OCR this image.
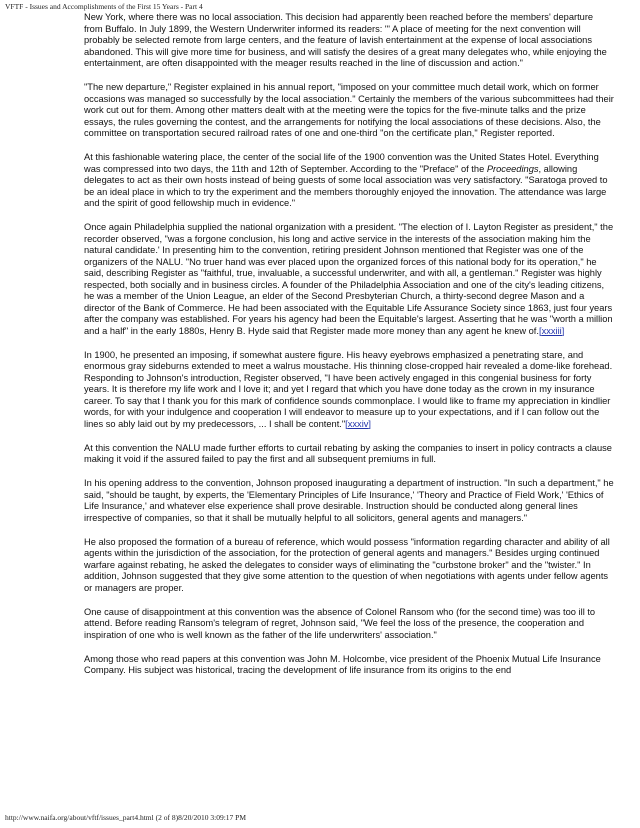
VFTF - Issues and Accomplishments of the First 15 Years - Part 4

New York, where there was no local association. This decision had apparently been reached before the members' departure from Buffalo. In July 1899, the Western Underwriter informed its readers: "' A place of meeting for the next convention will probably be selected remote from large centers, and the feature of lavish entertainment at the expense of local associations abandoned. This will give more time for business, and will satisfy the desires of a great many delegates who, while enjoying the entertainment, are often disappointed with the meager results reached in the line of discussion and action."

"The new departure," Register explained in his annual report, "imposed on your committee much detail work, which on former occasions was managed so successfully by the local association." Certainly the members of the various subcommittees had their work cut out for them. Among other matters dealt with at the meeting were the topics for the five-minute talks and the prize essays, the rules governing the contest, and the arrangements for notifying the local associations of these decisions. Also, the committee on transportation secured railroad rates of one and one-third "on the certificate plan," Register reported.

At this fashionable watering place, the center of the social life of the 1900 convention was the United States Hotel. Everything was compressed into two days, the 11th and 12th of September. According to the "Preface" of the Proceedings, allowing delegates to act as their own hosts instead of being guests of some local association was very satisfactory. "Saratoga proved to be an ideal place in which to try the experiment and the members thoroughly enjoyed the innovation. The attendance was large and the spirit of good fellowship much in evidence."

Once again Philadelphia supplied the national organization with a president. "The election of I. Layton Register as president," the recorder observed, "was a forgone conclusion, his long and active service in the interests of the association making him the natural candidate.' In presenting him to the convention, retiring president Johnson mentioned that Register was one of the organizers of the NALU. "No truer hand was ever placed upon the organized forces of this national body for its operation," he said, describing Register as "faithful, true, invaluable, a successful underwriter, and with all, a gentleman." Register was highly respected, both socially and in business circles. A founder of the Philadelphia Association and one of the city's leading citizens, he was a member of the Union League, an elder of the Second Presbyterian Church, a thirty-second degree Mason and a director of the Bank of Commerce. He had been associated with the Equitable Life Assurance Society since 1863, just four years after the company was established. For years his agency had been the Equitable's largest. Asserting that he was "worth a million and a half" in the early 1880s, Henry B. Hyde said that Register made more money than any agent he knew of.[xxxiii]

In 1900, he presented an imposing, if somewhat austere figure. His heavy eyebrows emphasized a penetrating stare, and enormous gray sideburns extended to meet a walrus moustache. His thinning close-cropped hair revealed a dome-like forehead. Responding to Johnson's introduction, Register observed, "I have been actively engaged in this congenial business for forty years. It is therefore my life work and I love it; and yet I regard that which you have done today as the crown in my insurance career. To say that I thank you for this mark of confidence sounds commonplace. I would like to frame my appreciation in kindlier words, for with your indulgence and cooperation I will endeavor to measure up to your expectations, and if I can follow out the lines so ably laid out by my predecessors, ... I shall be content."[xxxiv]

At this convention the NALU made further efforts to curtail rebating by asking the companies to insert in policy contracts a clause making it void if the assured failed to pay the first and all subsequent premiums in full.

In his opening address to the convention, Johnson proposed inaugurating a department of instruction. "In such a department," he said, "should be taught, by experts, the 'Elementary Principles of Life Insurance,' 'Theory and Practice of Field Work,' 'Ethics of Life Insurance,' and whatever else experience shall prove desirable. Instruction should be conducted along general lines irrespective of companies, so that it shall be mutually helpful to all solicitors, general agents and managers."

He also proposed the formation of a bureau of reference, which would possess "information regarding character and ability of all agents within the jurisdiction of the association, for the protection of general agents and managers." Besides urging continued warfare against rebating, he asked the delegates to consider ways of eliminating the "curbstone broker" and the "twister." In addition, Johnson suggested that they give some attention to the question of when negotiations with agents under fellow agents or managers are proper.

One cause of disappointment at this convention was the absence of Colonel Ransom who (for the second time) was too ill to attend. Before reading Ransom's telegram of regret, Johnson said, "We feel the loss of the presence, the cooperation and inspiration of one who is well known as the father of the life underwriters' association."

Among those who read papers at this convention was John M. Holcombe, vice president of the Phoenix Mutual Life Insurance Company. His subject was historical, tracing the development of life insurance from its origins to the end

http://www.naifa.org/about/vftf/issues_part4.html (2 of 8)8/20/2010 3:09:17 PM
